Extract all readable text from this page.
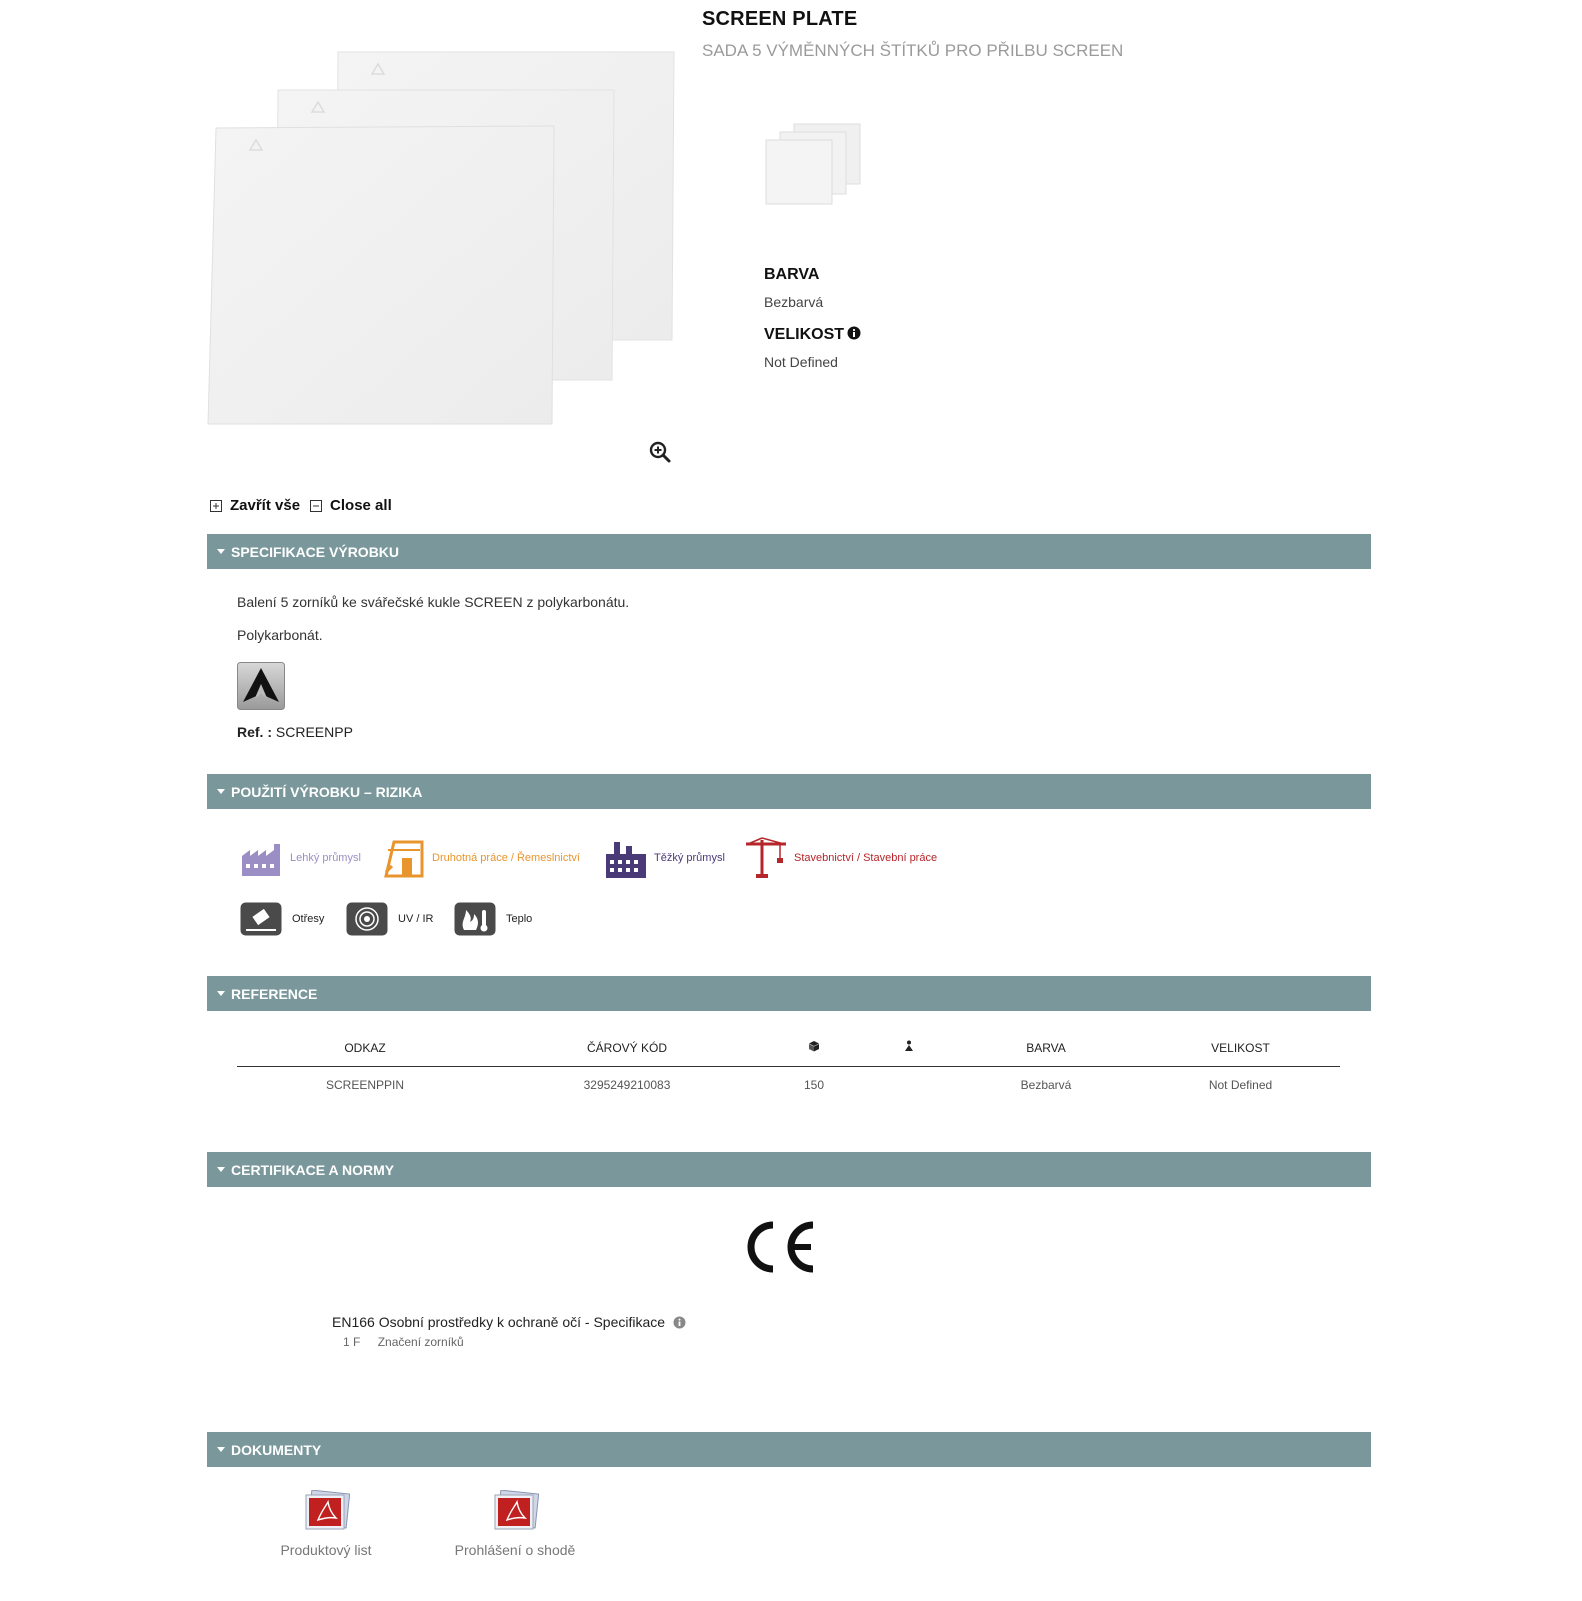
SCREEN PLATE
SADA 5 VÝMĚNNÝCH ŠTÍTKŮ PRO PŘILBU SCREEN
BARVA
Bezbarvá
VELIKOST
Not Defined
Zavřít vše Close all
SPECIFIKACE VÝROBKU
Balení 5 zorníků ke svářečské kukle SCREEN z polykarbonátu.
Polykarbonát.
Ref. : SCREENPP
POUŽITÍ VÝROBKU – RIZIKA
Lehký průmysl	Druhotná práce / Řemeslnictví	Těžký průmysl	Stavebnictví / Stavební práce
Otřesy	UV / IR	Teplo
REFERENCE
ODKAZ	ČÁROVÝ KÓD			BARVA	VELIKOST
SCREENPPIN	3295249210083	150		Bezbarvá	Not Defined
CERTIFIKACE A NORMY
EN166 Osobní prostředky k ochraně očí - Specifikace
1 F Značení zorníků
DOKUMENTY
Produktový list	Prohlášení o shodě
